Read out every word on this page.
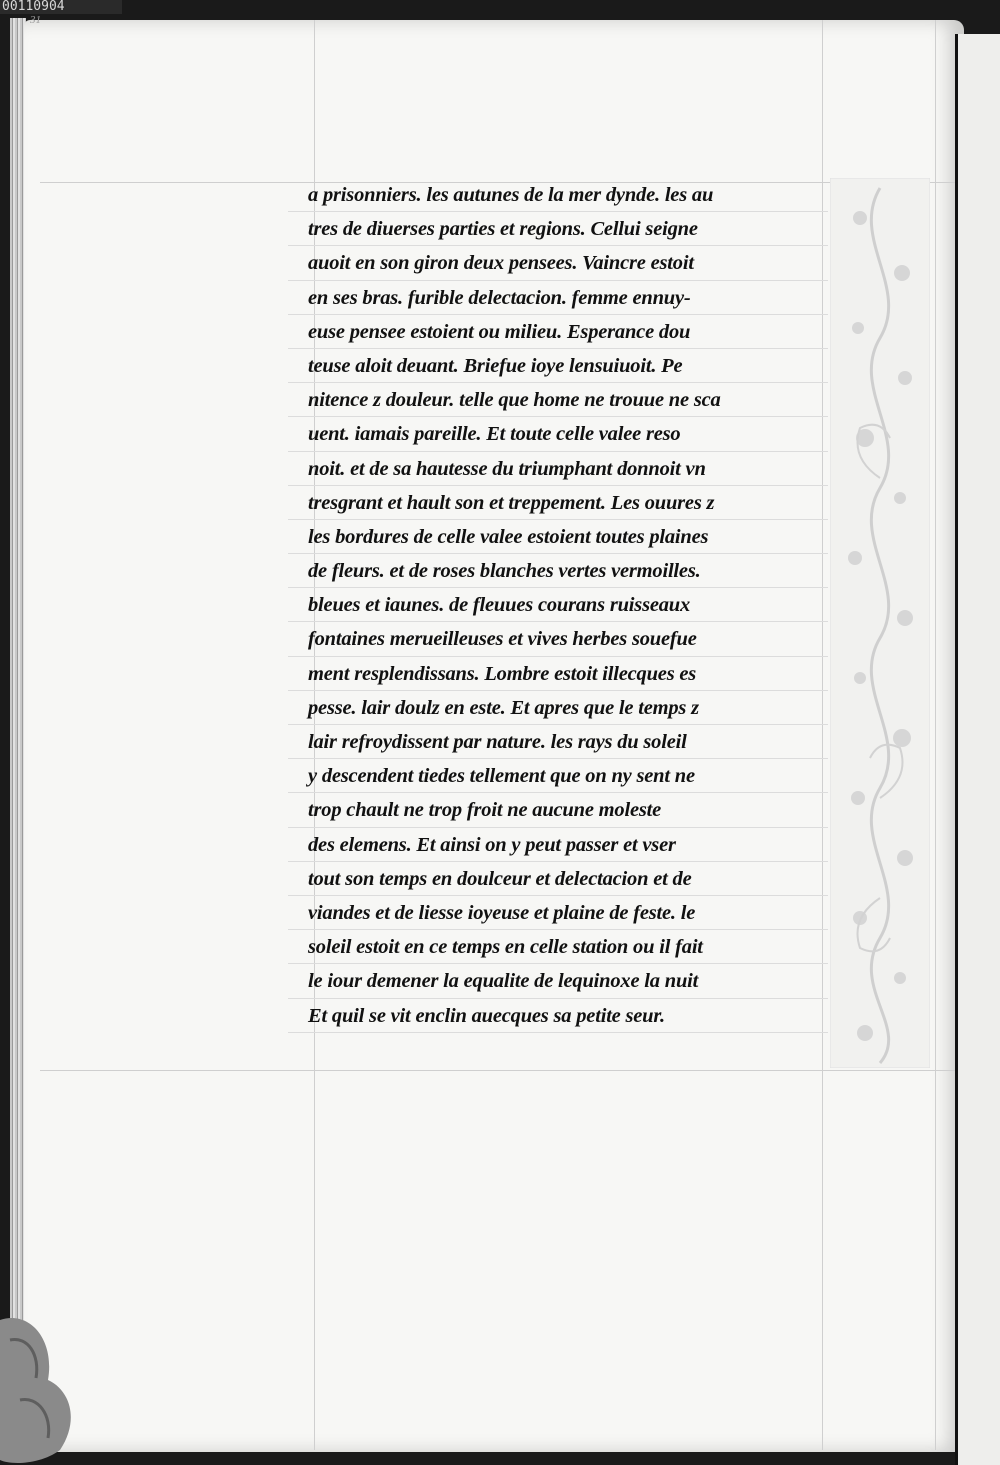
00110904
31
a prisonniers. les autunes de la mer dynde. les au
tres de diuerses parties et regions. Cellui seigne
auoit en son giron deux pensees. Vaincre estoit
en ses bras. furible delectacion. femme ennuy-
euse pensee estoient ou milieu. Esperance dou
teuse aloit deuant. Briefue ioye lensuiuoit. Pe
nitence z douleur. telle que home ne trouue ne sca
uent. iamais pareille. Et toute celle valee reso
noit. et de sa hautesse du triumphant donnoit vn
tresgrant et hault son et treppement. Les ouures z
les bordures de celle valee estoient toutes plaines
de fleurs. et de roses blanches vertes vermoilles.
bleues et iaunes. de fleuues courans ruisseaux
fontaines merueilleuses et vives herbes souefue
ment resplendissans. Lombre estoit illecques es
pesse. lair doulz en este. Et apres que le temps z
lair refroydissent par nature. les rays du soleil
y descendent tiedes tellement que on ny sent ne
trop chault ne trop froit ne aucune moleste
des elemens. Et ainsi on y peut passer et vser
tout son temps en doulceur et delectacion et de
viandes et de liesse ioyeuse et plaine de feste. le
soleil estoit en ce temps en celle station ou il fait
le iour demener la equalite de lequinoxe la nuit
Et quil se vit enclin auecques sa petite seur.
